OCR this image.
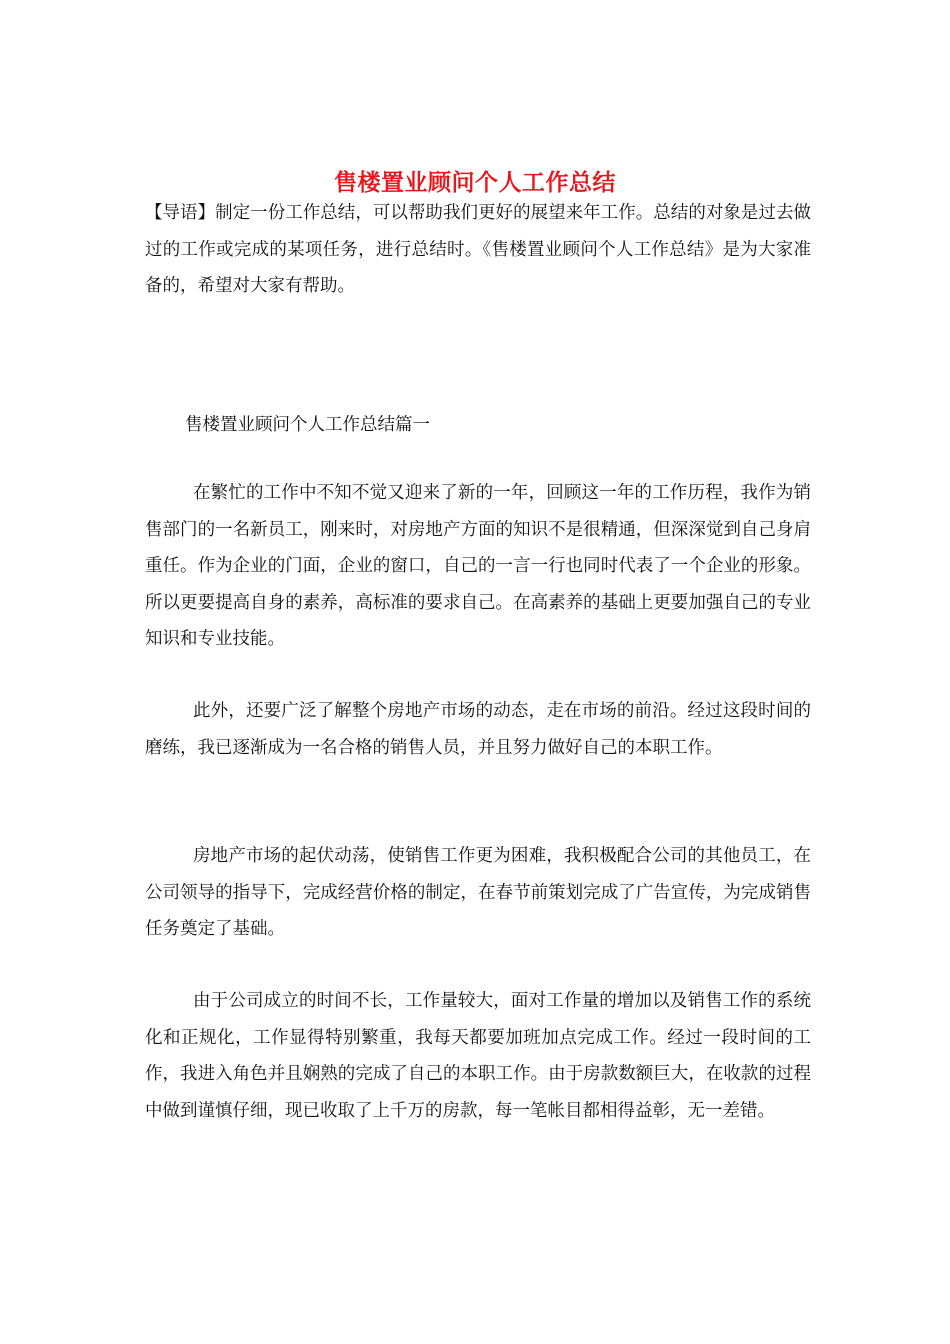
售楼置业顾问个人工作总结

【导语】制定一份工作总结，可以帮助我们更好的展望来年工作。总结的对象是过去做过的工作或完成的某项任务，进行总结时。《售楼置业顾问个人工作总结》是为大家准备的，希望对大家有帮助。

售楼置业顾问个人工作总结篇一

在繁忙的工作中不知不觉又迎来了新的一年，回顾这一年的工作历程，我作为销售部门的一名新员工，刚来时，对房地产方面的知识不是很精通，但深深觉到自己身肩重任。作为企业的门面，企业的窗口，自己的一言一行也同时代表了一个企业的形象。所以更要提高自身的素养，高标准的要求自己。在高素养的基础上更要加强自己的专业知识和专业技能。

此外，还要广泛了解整个房地产市场的动态，走在市场的前沿。经过这段时间的磨练，我已逐渐成为一名合格的销售人员，并且努力做好自己的本职工作。

房地产市场的起伏动荡，使销售工作更为困难，我积极配合公司的其他员工，在公司领导的指导下，完成经营价格的制定，在春节前策划完成了广告宣传，为完成销售任务奠定了基础。

由于公司成立的时间不长，工作量较大，面对工作量的增加以及销售工作的系统化和正规化，工作显得特别繁重，我每天都要加班加点完成工作。经过一段时间的工作，我进入角色并且娴熟的完成了自己的本职工作。由于房款数额巨大，在收款的过程中做到谨慎仔细，现已收取了上千万的房款，每一笔帐目都相得益彰，无一差错。
